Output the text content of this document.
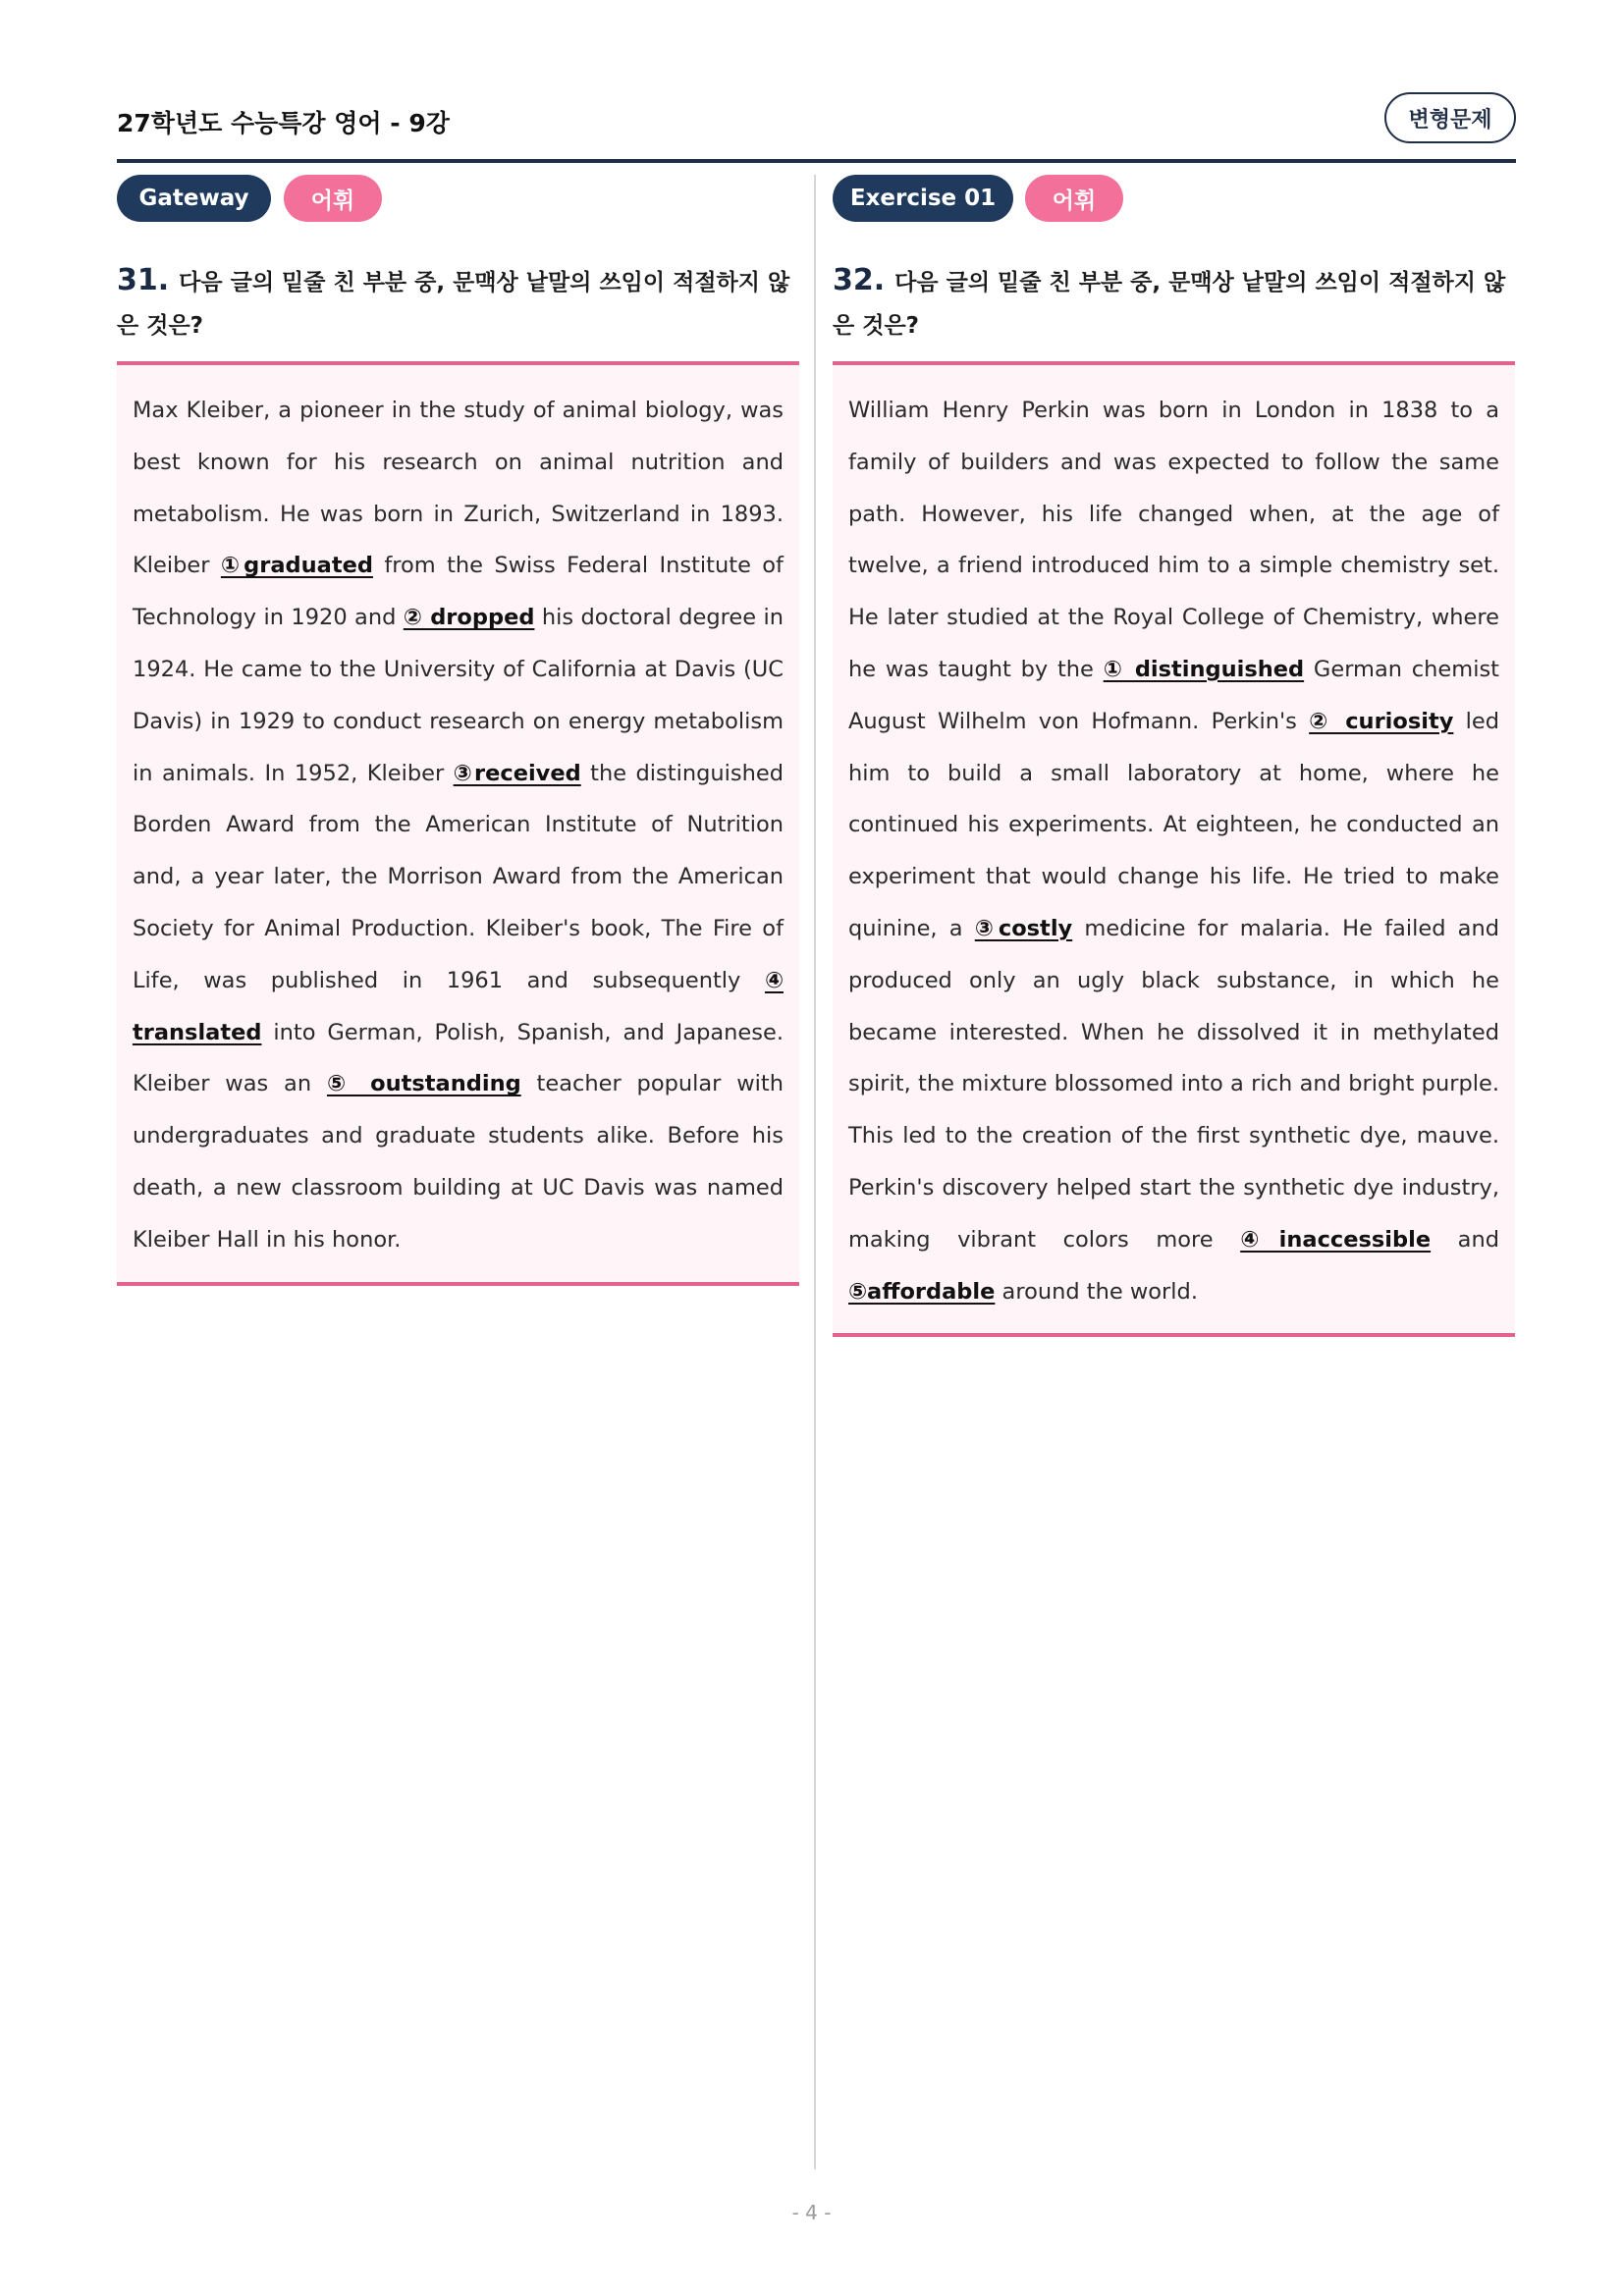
27학년도 수능특강 영어 - 9강	변형문제
Gateway	어휘
31. 다음 글의 밑줄 친 부분 중, 문맥상 낱말의 쓰임이 적절하지 않은 것은?
Max Kleiber, a pioneer in the study of animal biology, was best known for his research on animal nutrition and metabolism. He was born in Zurich, Switzerland in 1893. Kleiber ①graduated from the Swiss Federal Institute of Technology in 1920 and ② dropped his doctoral degree in 1924. He came to the University of California at Davis (UC Davis) in 1929 to conduct research on energy metabolism in animals. In 1952, Kleiber ③received the distinguished Borden Award from the American Institute of Nutrition and, a year later, the Morrison Award from the American Society for Animal Production. Kleiber's book, The Fire of Life, was published in 1961 and subsequently ④ translated into German, Polish, Spanish, and Japanese. Kleiber was an ⑤ outstanding teacher popular with undergraduates and graduate students alike. Before his death, a new classroom building at UC Davis was named Kleiber Hall in his honor.
Exercise 01	어휘
32. 다음 글의 밑줄 친 부분 중, 문맥상 낱말의 쓰임이 적절하지 않은 것은?
William Henry Perkin was born in London in 1838 to a family of builders and was expected to follow the same path. However, his life changed when, at the age of twelve, a friend introduced him to a simple chemistry set. He later studied at the Royal College of Chemistry, where he was taught by the ① distinguished German chemist August Wilhelm von Hofmann. Perkin's ② curiosity led him to build a small laboratory at home, where he continued his experiments. At eighteen, he conducted an experiment that would change his life. He tried to make quinine, a ③costly medicine for malaria. He failed and produced only an ugly black substance, in which he became interested. When he dissolved it in methylated spirit, the mixture blossomed into a rich and bright purple. This led to the creation of the first synthetic dye, mauve. Perkin's discovery helped start the synthetic dye industry, making vibrant colors more ④inaccessible and ⑤affordable around the world.
- 4 -
